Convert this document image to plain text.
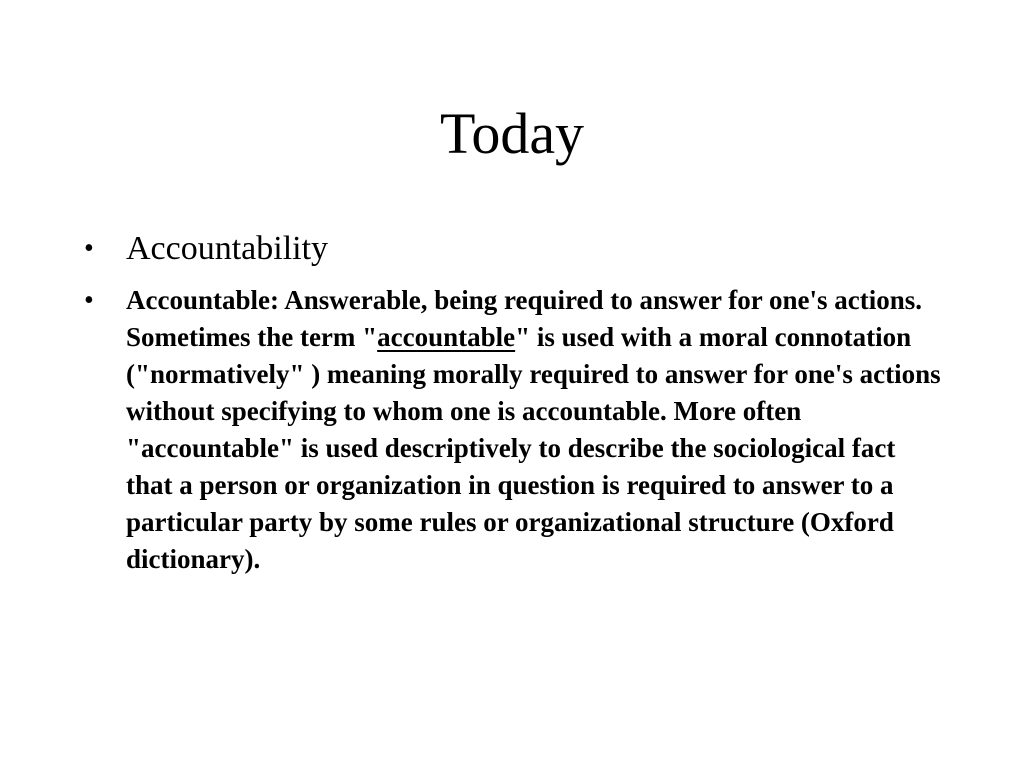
Today
• Accountability
• Accountable: Answerable, being required to answer for one's actions. Sometimes the term "accountable" is used with a moral connotation ("normatively" ) meaning morally required to answer for one's actions without specifying to whom one is accountable. More often "accountable" is used descriptively to describe the sociological fact that a person or organization in question is required to answer to a particular party by some rules or organizational structure (Oxford dictionary).
